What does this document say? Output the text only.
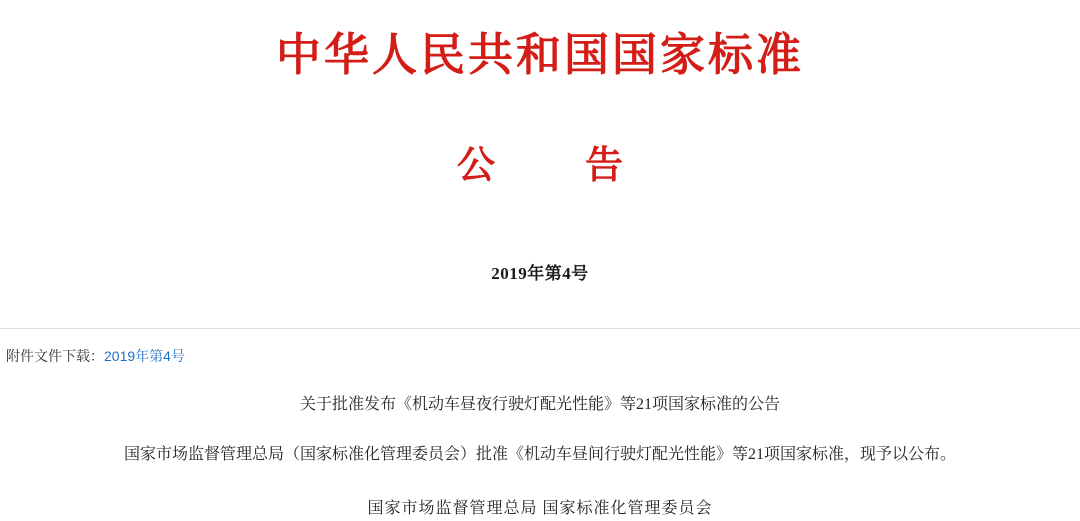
中华人民共和国国家标准
公　告
2019年第4号
附件文件下载：2019年第4号
关于批准发布《机动车昼夜行驶灯配光性能》等21项国家标准的公告
国家市场监督管理总局（国家标准化管理委员会）批准《机动车昼间行驶灯配光性能》等21项国家标准，现予以公布。
国家市场监督管理总局 国家标准化管理委员会
